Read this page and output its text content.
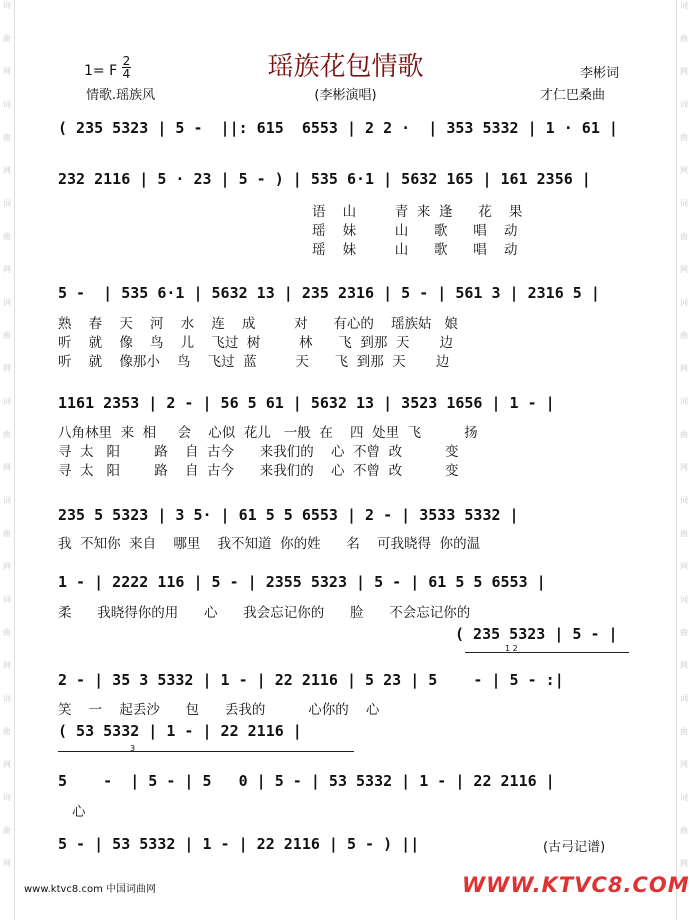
词
曲
网
词
曲
网
词
曲
网
词
曲
网
词
曲
网
词
曲
网
词
曲
网
词
曲
网
词
曲
网
词
曲
网
词
曲
网
词
曲
网
词
曲
网
词
曲
网
词
曲
网
词
曲
网
词
曲
网
词
曲
网
1= F
2
4	瑶族花包情歌	李彬词
情歌.瑶族风	(李彬演唱)	才仁巴桑曲
( 235 5323 | 5 -  ||: 615  6553 | 2 2 ·  | 353 5332 | 1 · 61 |
232 2116 | 5 · 23 | 5 - ) | 535 6·1 | 5632 165 | 161 2356 |
语    山         青  来  逢      花    果
瑶    妹         山      歌      唱    动
瑶    妹         山      歌      唱    动
5 -  | 535 6·1 | 5632 13 | 235 2316 | 5 - | 561 3 | 2316 5 |
熟    春    天    河    水    连    成         对      有心的    瑶族姑   娘
听    就    像    鸟    儿    飞过  树         林      飞  到那  天       边
听    就    像那小    鸟    飞过  蓝         天      飞  到那  天       边
1161 2353 | 2 - | 56 5 61 | 5632 13 | 3523 1656 | 1 - |
八角林里  来  相     会    心似  花儿   一般  在    四  处里  飞          扬
寻  太   阳        路    自  古今      来我们的    心  不曾  改          变
寻  太   阳        路    自  古今      来我们的    心  不曾  改          变
235 5 5323 | 3 5· | 61 5 5 6553 | 2 - | 3533 5332 |
我  不知你  来自    哪里    我不知道  你的姓      名    可我晓得  你的温
1 - | 2222 116 | 5 - | 2355 5323 | 5 - | 61 5 5 6553 |
柔      我晓得你的用      心      我会忘记你的      脸      不会忘记你的
( 235 5323 | 5 - |
1 2
2 - | 35 3 5332 | 1 - | 22 2116 | 5 23 | 5    - | 5 - :|
笑    一    起丢沙      包      丢我的          心你的    心
( 53 5332 | 1 - | 22 2116 |
3
5    -  | 5 - | 5   0 | 5 - | 53 5332 | 1 - | 22 2116 |
心
5 - | 53 5332 | 1 - | 22 2116 | 5 - ) ||	(古弓记谱)
www.ktvc8.com 中国词曲网	WWW.KTVC8.COM
